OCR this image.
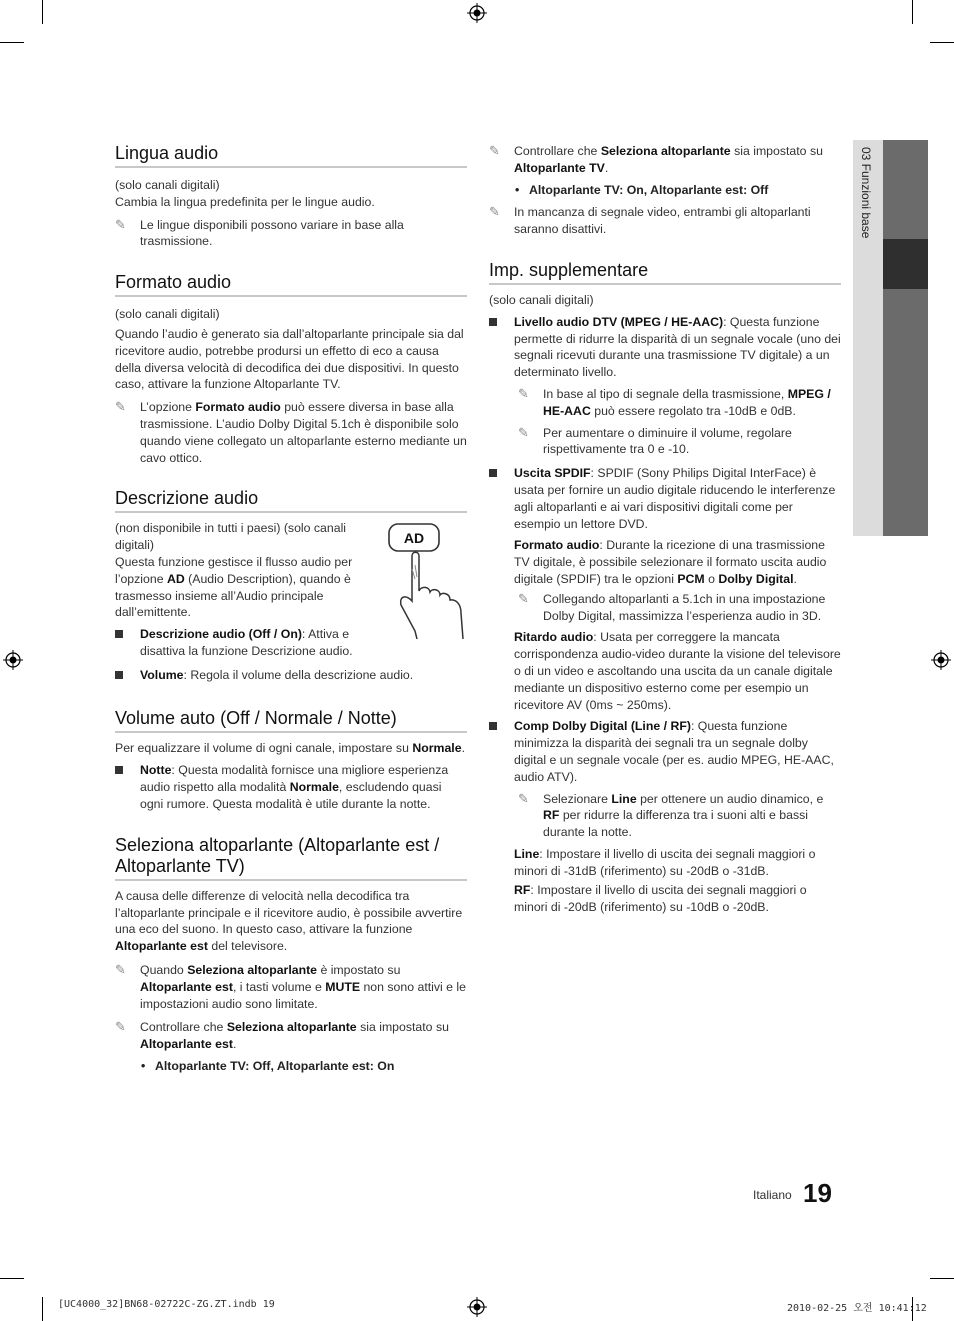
03 Funzioni base
Lingua audio

(solo canali digitali)

Cambia la lingua predefinita per le lingue audio.

✎ Le lingue disponibili possono variare in base alla trasmissione.

Formato audio

(solo canali digitali)

Quando l’audio è generato sia dall’altoparlante principale sia dal ricevitore audio, potrebbe prodursi un effetto di eco a causa della diversa velocità di decodifica dei due dispositivi. In questo caso, attivare la funzione Altoparlante TV.

✎ L’opzione Formato audio può essere diversa in base alla trasmissione. L’audio Dolby Digital 5.1ch è disponibile solo quando viene collegato un altoparlante esterno mediante un cavo ottico.

Descrizione audio

(non disponibile in tutti i paesi) (solo canali digitali)

Questa funzione gestisce il flusso audio per l’opzione AD (Audio Description), quando è trasmesso insieme all’Audio principale dall’emittente.

Descrizione audio (Off / On): Attiva e disattiva la funzione Descrizione audio.

Volume: Regola il volume della descrizione audio.

Volume auto (Off / Normale / Notte)

Per equalizzare il volume di ogni canale, impostare su Normale.

Notte: Questa modalità fornisce una migliore esperienza audio rispetto alla modalità Normale, escludendo quasi ogni rumore. Questa modalità è utile durante la notte.

Seleziona altoparlante (Altoparlante est / Altoparlante TV)

A causa delle differenze di velocità nella decodifica tra l’altoparlante principale e il ricevitore audio, è possibile avvertire una eco del suono. In questo caso, attivare la funzione Altoparlante est del televisore.

✎ Quando Seleziona altoparlante è impostato su Altoparlante est, i tasti volume e MUTE non sono attivi e le impostazioni audio sono limitate.

✎ Controllare che Seleziona altoparlante sia impostato su Altoparlante est.

• Altoparlante TV: Off, Altoparlante est: On

AD

✎ Controllare che Seleziona altoparlante sia impostato su Altoparlante TV.

• Altoparlante TV: On, Altoparlante est: Off

✎ In mancanza di segnale video, entrambi gli altoparlanti saranno disattivi.

Imp. supplementare

(solo canali digitali)

Livello audio DTV (MPEG / HE-AAC): Questa funzione permette di ridurre la disparità di un segnale vocale (uno dei segnali ricevuti durante una trasmissione TV digitale) a un determinato livello.

✎ In base al tipo di segnale della trasmissione, MPEG / HE-AAC può essere regolato tra -10dB e 0dB.

✎ Per aumentare o diminuire il volume, regolare rispettivamente tra 0 e -10.

Uscita SPDIF: SPDIF (Sony Philips Digital InterFace) è usata per fornire un audio digitale riducendo le interferenze agli altoparlanti e ai vari dispositivi digitali come per esempio un lettore DVD.

Formato audio: Durante la ricezione di una trasmissione TV digitale, è possibile selezionare il formato uscita audio digitale (SPDIF) tra le opzioni PCM o Dolby Digital.

✎ Collegando altoparlanti a 5.1ch in una impostazione Dolby Digital, massimizza l’esperienza audio in 3D.

Ritardo audio: Usata per correggere la mancata corrispondenza audio-video durante la visione del televisore o di un video e ascoltando una uscita da un canale digitale mediante un dispositivo esterno come per esempio un ricevitore AV (0ms ~ 250ms).

Comp Dolby Digital (Line / RF): Questa funzione minimizza la disparità dei segnali tra un segnale dolby digital e un segnale vocale (per es. audio MPEG, HE-AAC, audio ATV).

✎ Selezionare Line per ottenere un audio dinamico, e RF per ridurre la differenza tra i suoni alti e bassi durante la notte.

Line: Impostare il livello di uscita dei segnali maggiori o minori di -31dB (riferimento) su -20dB o -31dB.

RF: Impostare il livello di uscita dei segnali maggiori o minori di -20dB (riferimento) su -10dB o -20dB.

Italiano 19
[UC4000_32]BN68-02722C-ZG.ZT.indb 19	2010-02-25 오전 10:41:12
